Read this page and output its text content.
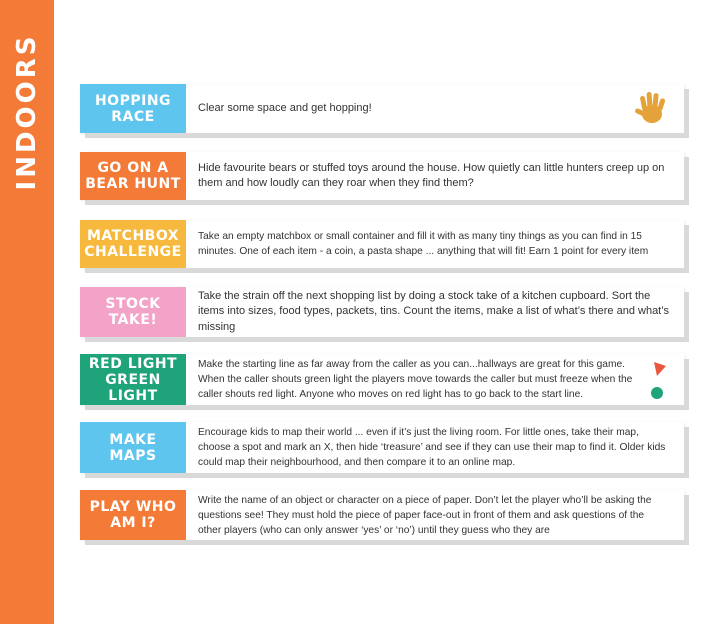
INDOORS	HOPPING
RACE
Clear some space and get hopping!
GO ON A
BEAR HUNT
Hide favourite bears or stuffed toys around the house. How quietly can little hunters creep up on them and how loudly can they roar when they find them?
MATCHBOX
CHALLENGE
Take an empty matchbox or small container and fill it with as many tiny things as you can find in 15 minutes. One of each item - a coin, a pasta shape ... anything that will fit! Earn 1 point for every item
STOCK
TAKE!
Take the strain off the next shopping list by doing a stock take of a kitchen cupboard. Sort the items into sizes, food types, packets, tins. Count the items, make a list of what’s there and what’s missing
RED LIGHT
GREEN LIGHT
Make the starting line as far away from the caller as you can...hallways are great for this game. When the caller shouts green light the players move towards the caller but must freeze when the caller shouts red light. Anyone who moves on red light has to go back to the start line.
MAKE
MAPS
Encourage kids to map their world ... even if it’s just the living room. For little ones, take their map, choose a spot and mark an X, then hide ‘treasure’ and see if they can use their map to find it. Older kids could map their neighbourhood, and then compare it to an online map.
PLAY WHO
AM I?
Write the name of an object or character on a piece of paper. Don’t let the player who’ll be asking the questions see! They must hold the piece of paper face-out in front of them and ask questions of the other players (who can only answer ‘yes’ or ‘no’) until they guess who they are
